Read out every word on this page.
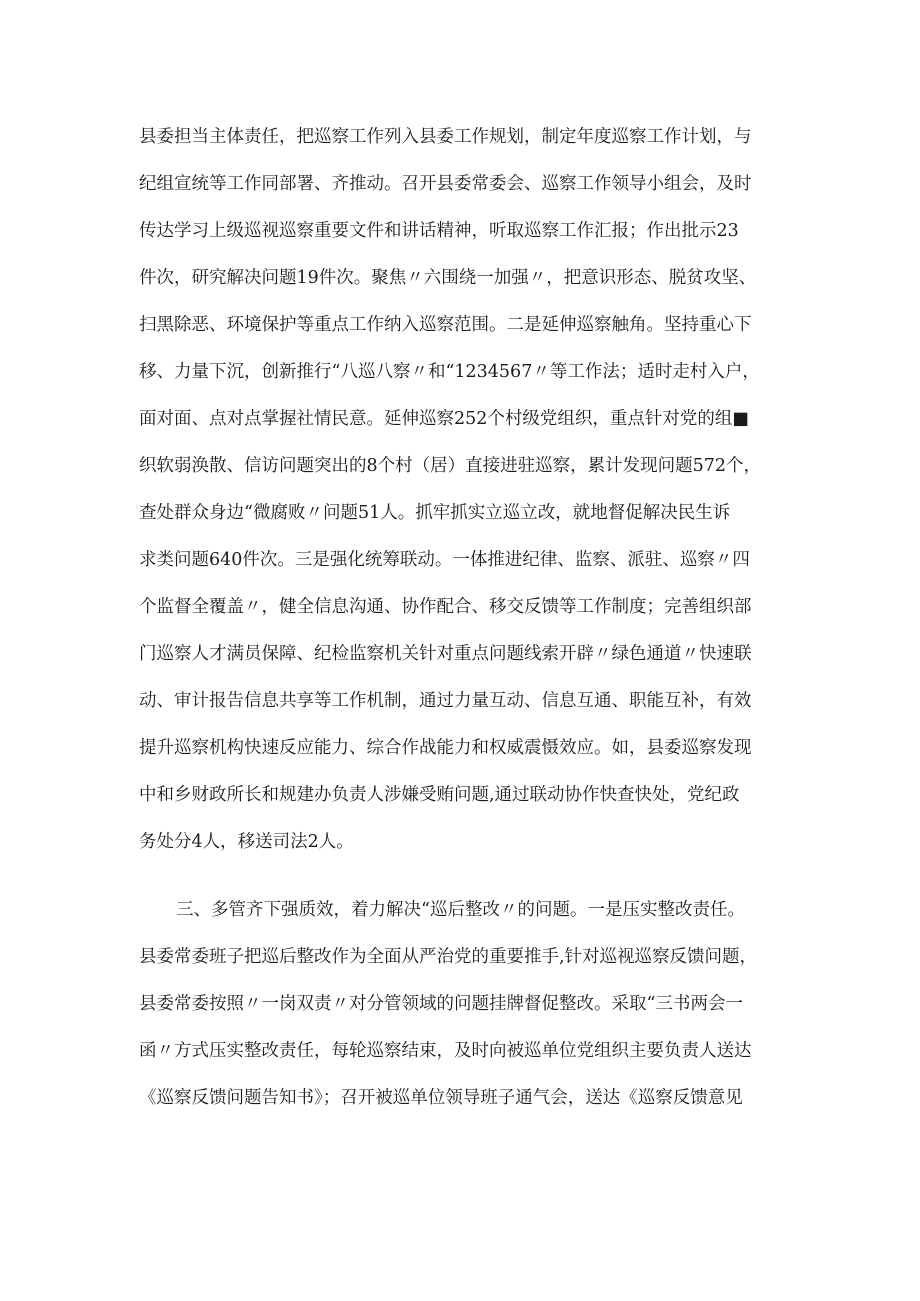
县委担当主体责任，把巡察工作列入县委工作规划，制定年度巡察工作计划，与
纪组宣统等工作同部署、齐推动。召开县委常委会、巡察工作领导小组会，及时
传达学习上级巡视巡察重要文件和讲话精神，听取巡察工作汇报；作出批示23
件次，研究解决问题19件次。聚焦〃六围绕一加强〃，把意识形态、脱贫攻坚、
扫黑除恶、环境保护等重点工作纳入巡察范围。二是延伸巡察触角。坚持重心下
移、力量下沉，创新推行“八巡八察〃和“1234567〃等工作法；适时走村入户，
面对面、点对点掌握社情民意。延伸巡察252个村级党组织，重点针对党的组■
织软弱涣散、信访问题突出的8个村（居）直接进驻巡察，累计发现问题572个，
查处群众身边“微腐败〃问题51人。抓牢抓实立巡立改，就地督促解决民生诉
求类问题640件次。三是强化统筹联动。一体推进纪律、监察、派驻、巡察〃四
个监督全覆盖〃，健全信息沟通、协作配合、移交反馈等工作制度；完善组织部
门巡察人才满员保障、纪检监察机关针对重点问题线索开辟〃绿色通道〃快速联
动、审计报告信息共享等工作机制，通过力量互动、信息互通、职能互补，有效
提升巡察机构快速反应能力、综合作战能力和权威震慑效应。如，县委巡察发现
中和乡财政所长和规建办负责人涉嫌受贿问题,通过联动协作快查快处，党纪政
务处分4人，移送司法2人。
三、多管齐下强质效，着力解决“巡后整改〃的问题。一是压实整改责任。
县委常委班子把巡后整改作为全面从严治党的重要推手,针对巡视巡察反馈问题，
县委常委按照〃一岗双责〃对分管领域的问题挂牌督促整改。采取“三书两会一
函〃方式压实整改责任，每轮巡察结束，及时向被巡单位党组织主要负责人送达
《巡察反馈问题告知书》；召开被巡单位领导班子通气会，送达《巡察反馈意见
